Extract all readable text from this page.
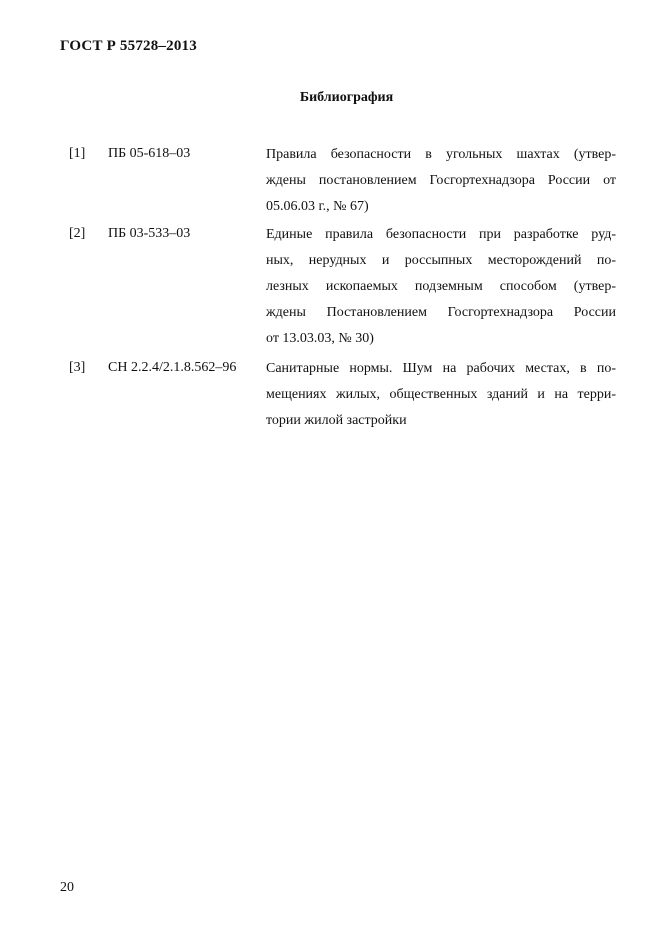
ГОСТ Р 55728–2013
Библиография
[1] ПБ 05-618–03	Правила безопасности в угольных шахтах (утвер-
ждены постановлением Госгортехнадзора России от
05.06.03 г., № 67)
[2] ПБ 03-533–03	Единые правила безопасности при разработке руд-
ных, нерудных и россыпных месторождений по-
лезных ископаемых подземным способом (утвер-
ждены Постановлением Госгортехнадзора России
от 13.03.03, № 30)
[3] СН 2.2.4/2.1.8.562–96 Санитарные нормы. Шум на рабочих местах, в по-
мещениях жилых, общественных зданий и на терри-
тории жилой застройки
20
